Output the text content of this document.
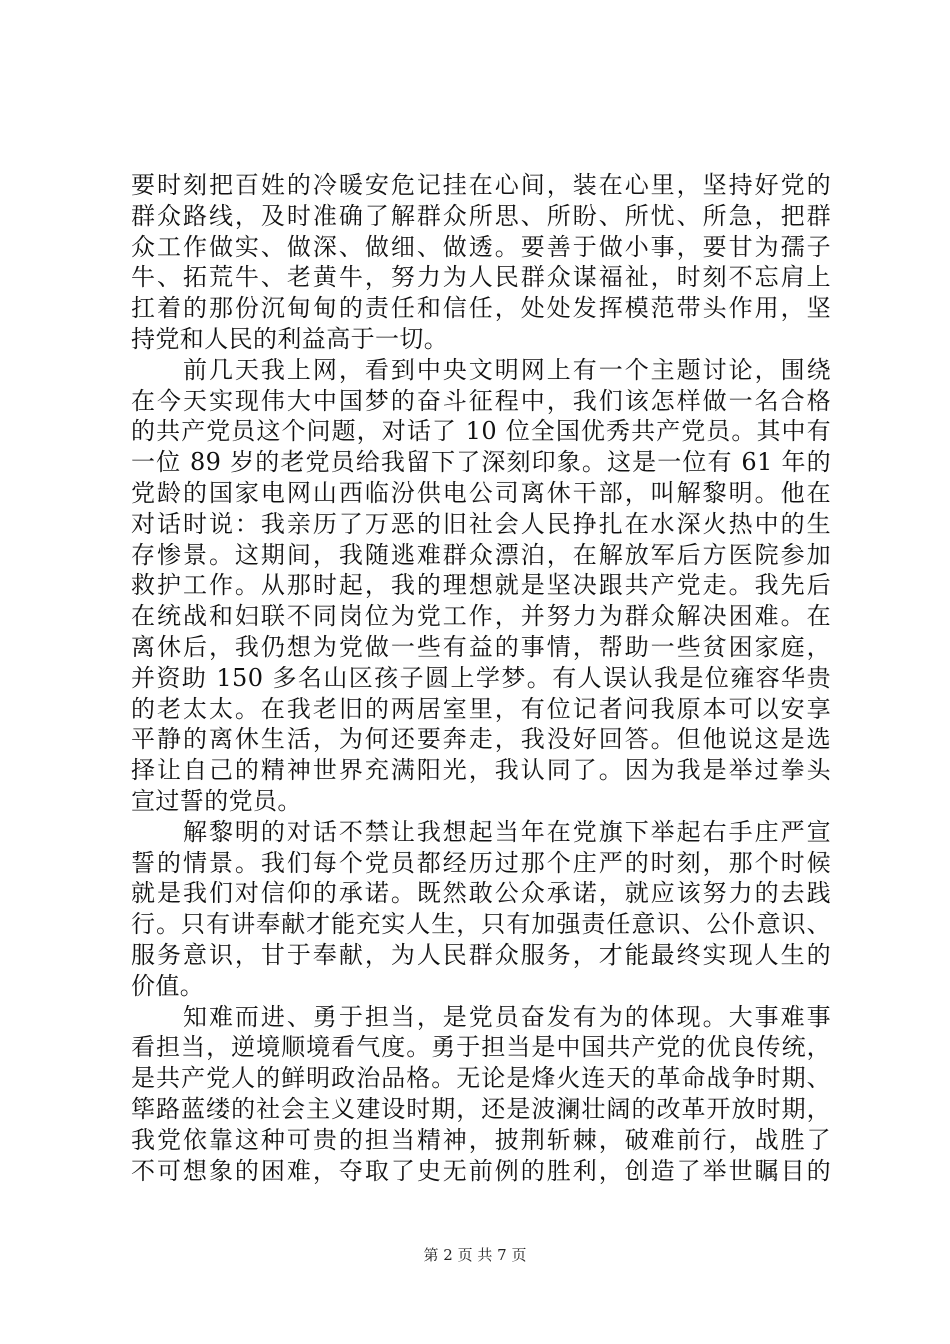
要时刻把百姓的冷暖安危记挂在心间，装在心里，坚持好党的
群众路线，及时准确了解群众所思、所盼、所忧、所急，把群
众工作做实、做深、做细、做透。要善于做小事，要甘为孺子
牛、拓荒牛、老黄牛，努力为人民群众谋福祉，时刻不忘肩上
扛着的那份沉甸甸的责任和信任，处处发挥模范带头作用，坚
持党和人民的利益高于一切。
　　前几天我上网，看到中央文明网上有一个主题讨论，围绕
在今天实现伟大中国梦的奋斗征程中，我们该怎样做一名合格
的共产党员这个问题，对话了 10 位全国优秀共产党员。其中有
一位 89 岁的老党员给我留下了深刻印象。这是一位有 61 年的
党龄的国家电网山西临汾供电公司离休干部，叫解黎明。他在
对话时说：我亲历了万恶的旧社会人民挣扎在水深火热中的生
存惨景。这期间，我随逃难群众漂泊，在解放军后方医院参加
救护工作。从那时起，我的理想就是坚决跟共产党走。我先后
在统战和妇联不同岗位为党工作，并努力为群众解决困难。在
离休后，我仍想为党做一些有益的事情，帮助一些贫困家庭，
并资助 150 多名山区孩子圆上学梦。有人误认我是位雍容华贵
的老太太。在我老旧的两居室里，有位记者问我原本可以安享
平静的离休生活，为何还要奔走，我没好回答。但他说这是选
择让自己的精神世界充满阳光，我认同了。因为我是举过拳头
宣过誓的党员。
　　解黎明的对话不禁让我想起当年在党旗下举起右手庄严宣
誓的情景。我们每个党员都经历过那个庄严的时刻，那个时候
就是我们对信仰的承诺。既然敢公众承诺，就应该努力的去践
行。只有讲奉献才能充实人生，只有加强责任意识、公仆意识、
服务意识，甘于奉献，为人民群众服务，才能最终实现人生的
价值。
　　知难而进、勇于担当，是党员奋发有为的体现。大事难事
看担当，逆境顺境看气度。勇于担当是中国共产党的优良传统，
是共产党人的鲜明政治品格。无论是烽火连天的革命战争时期、
筚路蓝缕的社会主义建设时期，还是波澜壮阔的改革开放时期，
我党依靠这种可贵的担当精神，披荆斩棘，破难前行，战胜了
不可想象的困难，夺取了史无前例的胜利，创造了举世瞩目的
第 2 页 共 7 页
